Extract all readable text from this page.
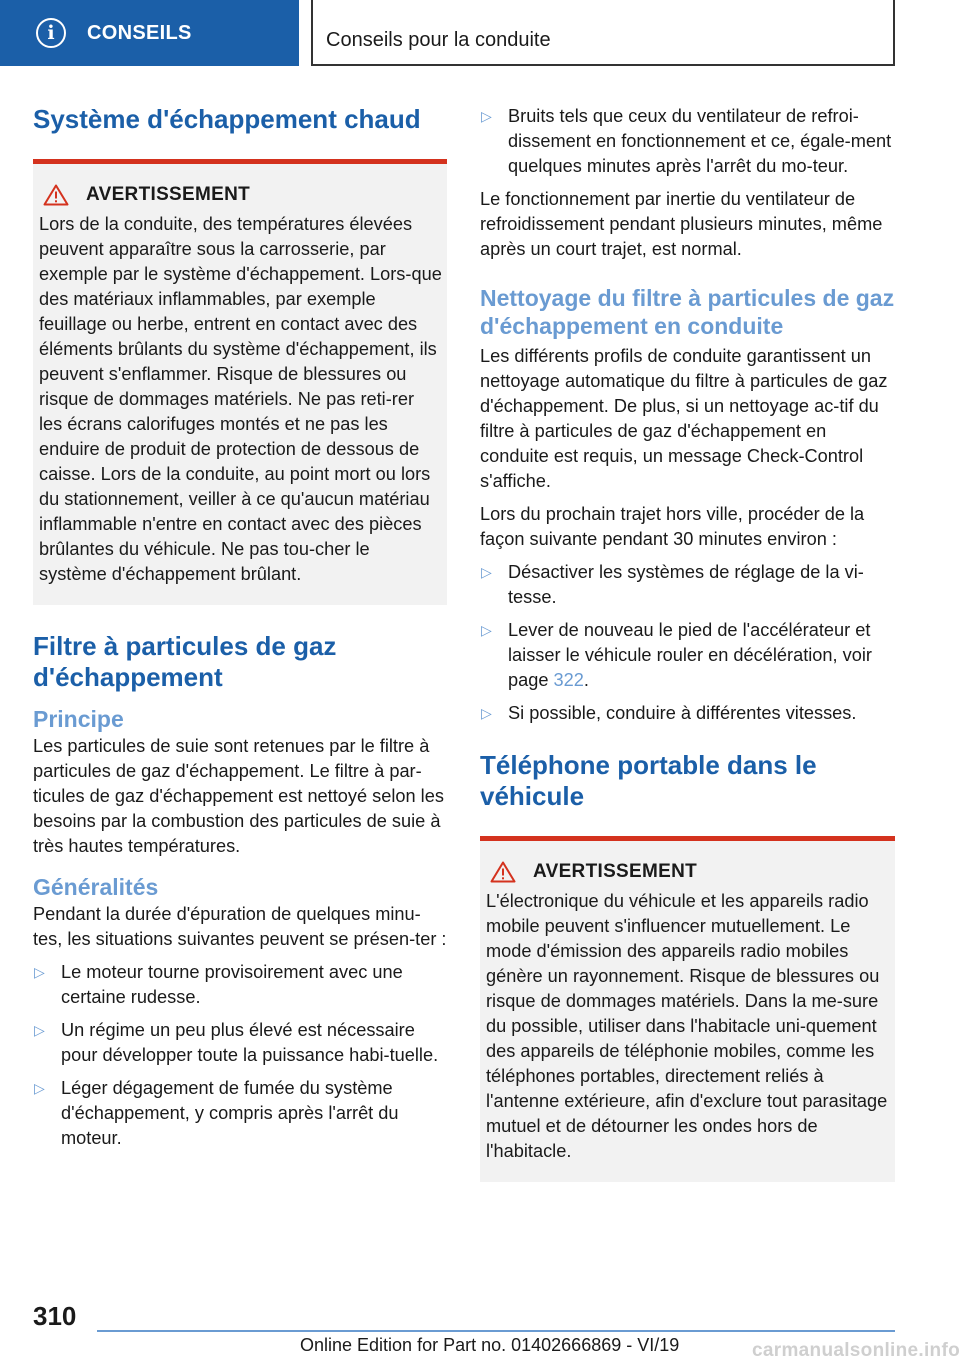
i	CONSEILS	Conseils pour la conduite
Système d'échappement chaud
AVERTISSEMENT
Lors de la conduite, des températures élevées peuvent apparaître sous la carrosserie, par exemple par le système d'échappement. Lors-que des matériaux inflammables, par exemple feuillage ou herbe, entrent en contact avec des éléments brûlants du système d'échappement, ils peuvent s'enflammer. Risque de blessures ou risque de dommages matériels. Ne pas reti-rer les écrans calorifuges montés et ne pas les enduire de produit de protection de dessous de caisse. Lors de la conduite, au point mort ou lors du stationnement, veiller à ce qu'aucun matériau inflammable n'entre en contact avec des pièces brûlantes du véhicule. Ne pas tou-cher le système d'échappement brûlant.
Filtre à particules de gaz d'échappement
Principe
Les particules de suie sont retenues par le filtre à particules de gaz d'échappement. Le filtre à par-ticules de gaz d'échappement est nettoyé selon les besoins par la combustion des particules de suie à très hautes températures.
Généralités
Pendant la durée d'épuration de quelques minu-tes, les situations suivantes peuvent se présen-ter :
▷ Le moteur tourne provisoirement avec une certaine rudesse.
▷ Un régime un peu plus élevé est nécessaire pour développer toute la puissance habi-tuelle.
▷ Léger dégagement de fumée du système d'échappement, y compris après l'arrêt du moteur.
▷ Bruits tels que ceux du ventilateur de refroi-dissement en fonctionnement et ce, égale-ment quelques minutes après l'arrêt du mo-teur.
Le fonctionnement par inertie du ventilateur de refroidissement pendant plusieurs minutes, même après un court trajet, est normal.
Nettoyage du filtre à particules de gaz d'échappement en conduite
Les différents profils de conduite garantissent un nettoyage automatique du filtre à particules de gaz d'échappement. De plus, si un nettoyage ac-tif du filtre à particules de gaz d'échappement en conduite est requis, un message Check-Control s'affiche.
Lors du prochain trajet hors ville, procéder de la façon suivante pendant 30 minutes environ :
▷ Désactiver les systèmes de réglage de la vi-tesse.
▷ Lever de nouveau le pied de l'accélérateur et laisser le véhicule rouler en décélération, voir page 322.
▷ Si possible, conduire à différentes vitesses.
Téléphone portable dans le véhicule
AVERTISSEMENT
L'électronique du véhicule et les appareils radio mobile peuvent s'influencer mutuellement. Le mode d'émission des appareils radio mobiles génère un rayonnement. Risque de blessures ou risque de dommages matériels. Dans la me-sure du possible, utiliser dans l'habitacle uni-quement des appareils de téléphonie mobiles, comme les téléphones portables, directement reliés à l'antenne extérieure, afin d'exclure tout parasitage mutuel et de détourner les ondes hors de l'habitacle.
310
Online Edition for Part no. 01402666869 - VI/19	carmanualsonline.info
